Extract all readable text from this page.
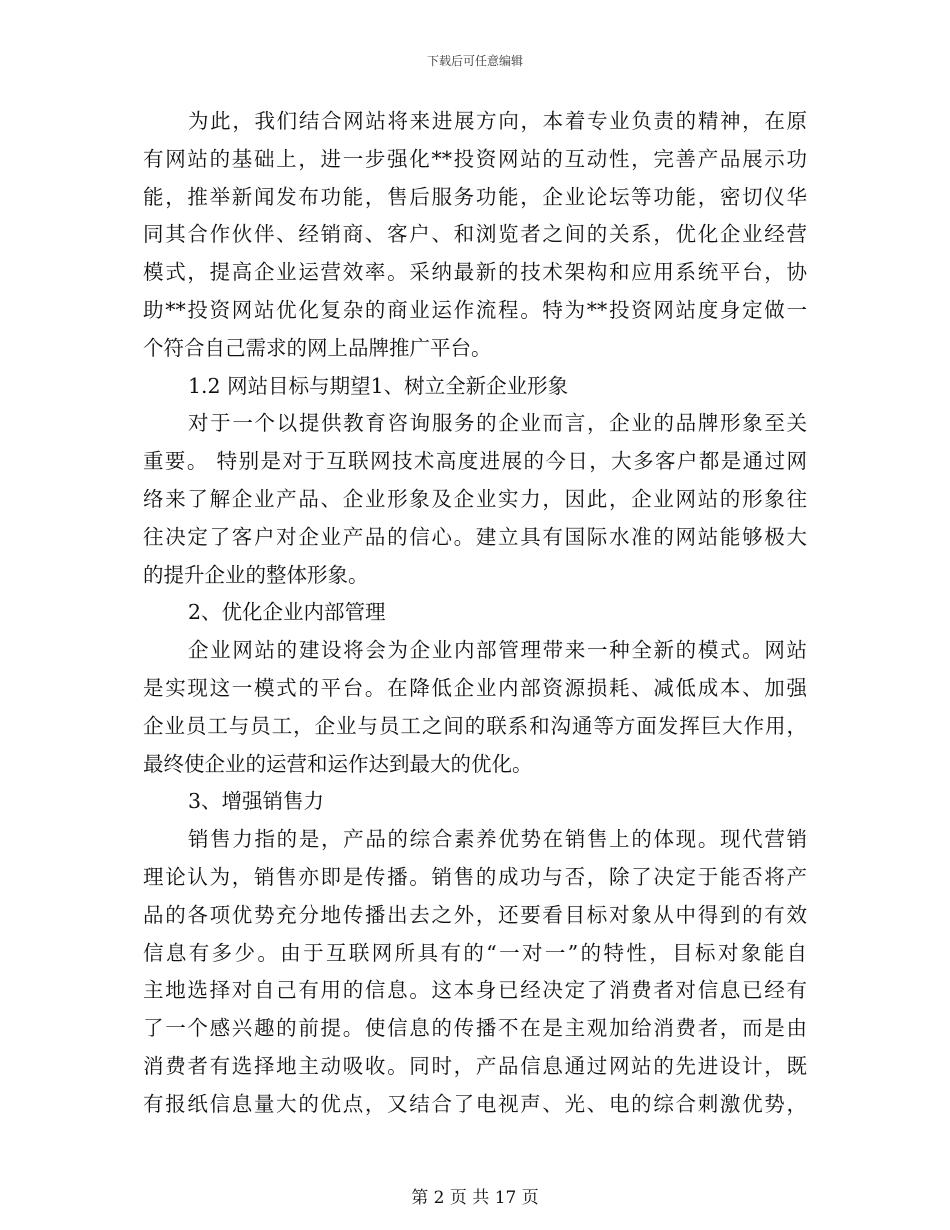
下载后可任意编辑
为此，我们结合网站将来进展方向，本着专业负责的精神，在原
有网站的基础上，进一步强化**投资网站的互动性，完善产品展示功
能，推举新闻发布功能，售后服务功能，企业论坛等功能，密切仪华
同其合作伙伴、经销商、客户、和浏览者之间的关系，优化企业经营
模式，提高企业运营效率。采纳最新的技术架构和应用系统平台，协
助**投资网站优化复杂的商业运作流程。特为**投资网站度身定做一
个符合自己需求的网上品牌推广平台。
1.2 网站目标与期望1、树立全新企业形象
对于一个以提供教育咨询服务的企业而言，企业的品牌形象至关
重要。 特别是对于互联网技术高度进展的今日，大多客户都是通过网
络来了解企业产品、企业形象及企业实力，因此，企业网站的形象往
往决定了客户对企业产品的信心。建立具有国际水准的网站能够极大
的提升企业的整体形象。
2、优化企业内部管理
企业网站的建设将会为企业内部管理带来一种全新的模式。网站
是实现这一模式的平台。在降低企业内部资源损耗、减低成本、加强
企业员工与员工，企业与员工之间的联系和沟通等方面发挥巨大作用，
最终使企业的运营和运作达到最大的优化。
3、增强销售力
销售力指的是，产品的综合素养优势在销售上的体现。现代营销
理论认为，销售亦即是传播。销售的成功与否，除了决定于能否将产
品的各项优势充分地传播出去之外，还要看目标对象从中得到的有效
信息有多少。由于互联网所具有的“一对一”的特性，目标对象能自
主地选择对自己有用的信息。这本身已经决定了消费者对信息已经有
了一个感兴趣的前提。使信息的传播不在是主观加给消费者，而是由
消费者有选择地主动吸收。同时，产品信息通过网站的先进设计，既
有报纸信息量大的优点，又结合了电视声、光、电的综合刺激优势，
第 2 页 共 17 页
